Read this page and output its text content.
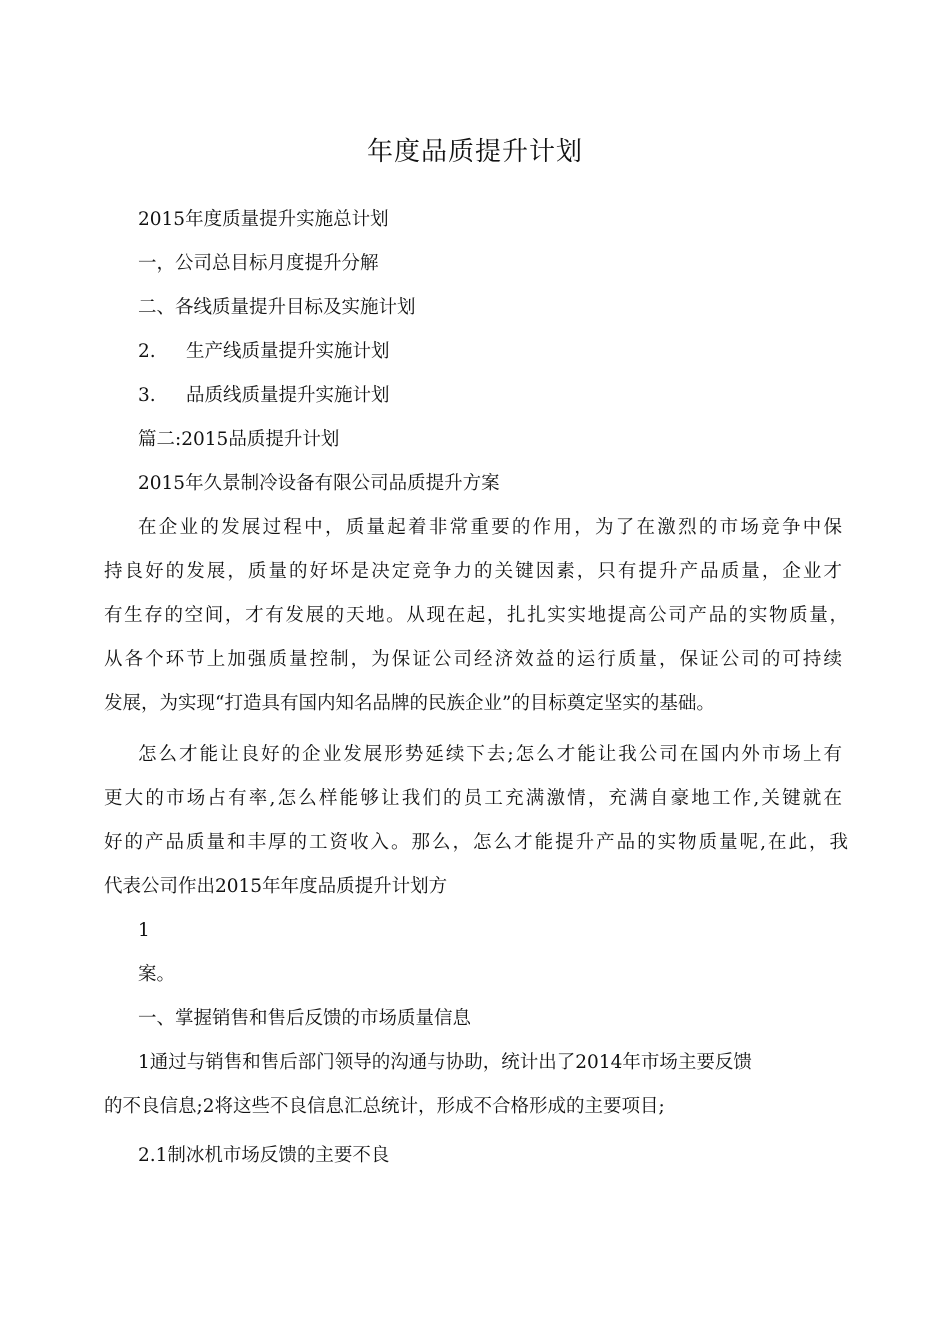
年度品质提升计划
2015年度质量提升实施总计划
一，公司总目标月度提升分解
二、各线质量提升目标及实施计划
2. 生产线质量提升实施计划
3. 品质线质量提升实施计划
篇二:2015品质提升计划
2015年久景制冷设备有限公司品质提升方案
在企业的发展过程中，质量起着非常重要的作用，为了在激烈的市场竞争中保
持良好的发展，质量的好坏是决定竞争力的关键因素，只有提升产品质量，企业才
有生存的空间，才有发展的天地。从现在起，扎扎实实地提高公司产品的实物质量，
从各个环节上加强质量控制，为保证公司经济效益的运行质量，保证公司的可持续
发展，为实现“打造具有国内知名品牌的民族企业”的目标奠定坚实的基础。
怎么才能让良好的企业发展形势延续下去;怎么才能让我公司在国内外市场上有
更大的市场占有率,怎么样能够让我们的员工充满激情，充满自豪地工作,关键就在
好的产品质量和丰厚的工资收入。那么，怎么才能提升产品的实物质量呢,在此，我
代表公司作出2015年年度品质提升计划方
1
案。
一、掌握销售和售后反馈的市场质量信息
1通过与销售和售后部门领导的沟通与协助，统计出了2014年市场主要反馈
的不良信息;2将这些不良信息汇总统计，形成不合格形成的主要项目;
2.1制冰机市场反馈的主要不良
